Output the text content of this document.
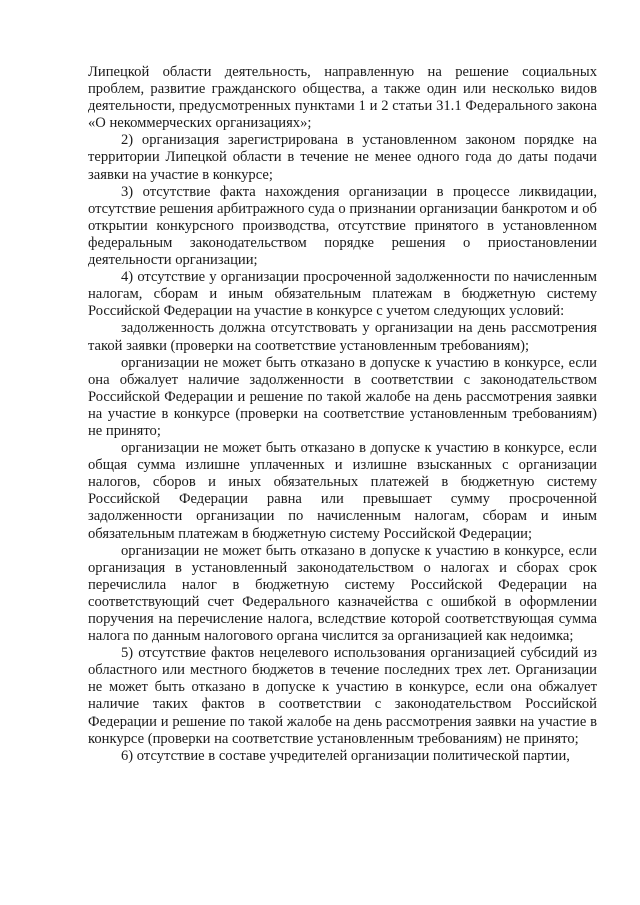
Липецкой области деятельность, направленную на решение социальных проблем, развитие гражданского общества, а также один или несколько видов деятельности, предусмотренных пунктами 1 и 2 статьи 31.1 Федерального закона «О некоммерческих организациях»;

2) организация зарегистрирована в установленном законом порядке на территории Липецкой области в течение не менее одного года до даты подачи заявки на участие в конкурсе;

3) отсутствие факта нахождения организации в процессе ликвидации, отсутствие решения арбитражного суда о признании организации банкротом и об открытии конкурсного производства, отсутствие принятого в установленном федеральным законодательством порядке решения о приостановлении деятельности организации;

4) отсутствие у организации просроченной задолженности по начисленным налогам, сборам и иным обязательным платежам в бюджетную систему Российской Федерации на участие в конкурсе с учетом следующих условий:

задолженность должна отсутствовать у организации на день рассмотрения такой заявки (проверки на соответствие установленным требованиям);

организации не может быть отказано в допуске к участию в конкурсе, если она обжалует наличие задолженности в соответствии с законодательством Российской Федерации и решение по такой жалобе на день рассмотрения заявки на участие в конкурсе (проверки на соответствие установленным требованиям) не принято;

организации не может быть отказано в допуске к участию в конкурсе, если общая сумма излишне уплаченных и излишне взысканных с организации налогов, сборов и иных обязательных платежей в бюджетную систему Российской Федерации равна или превышает сумму просроченной задолженности организации по начисленным налогам, сборам и иным обязательным платежам в бюджетную систему Российской Федерации;

организации не может быть отказано в допуске к участию в конкурсе, если организация в установленный законодательством о налогах и сборах срок перечислила налог в бюджетную систему Российской Федерации на соответствующий счет Федерального казначейства с ошибкой в оформлении поручения на перечисление налога, вследствие которой соответствующая сумма налога по данным налогового органа числится за организацией как недоимка;

5) отсутствие фактов нецелевого использования организацией субсидий из областного или местного бюджетов в течение последних трех лет. Организации не может быть отказано в допуске к участию в конкурсе, если она обжалует наличие таких фактов в соответствии с законодательством Российской Федерации и решение по такой жалобе на день рассмотрения заявки на участие в конкурсе (проверки на соответствие установленным требованиям) не принято;

6) отсутствие в составе учредителей организации политической партии,
